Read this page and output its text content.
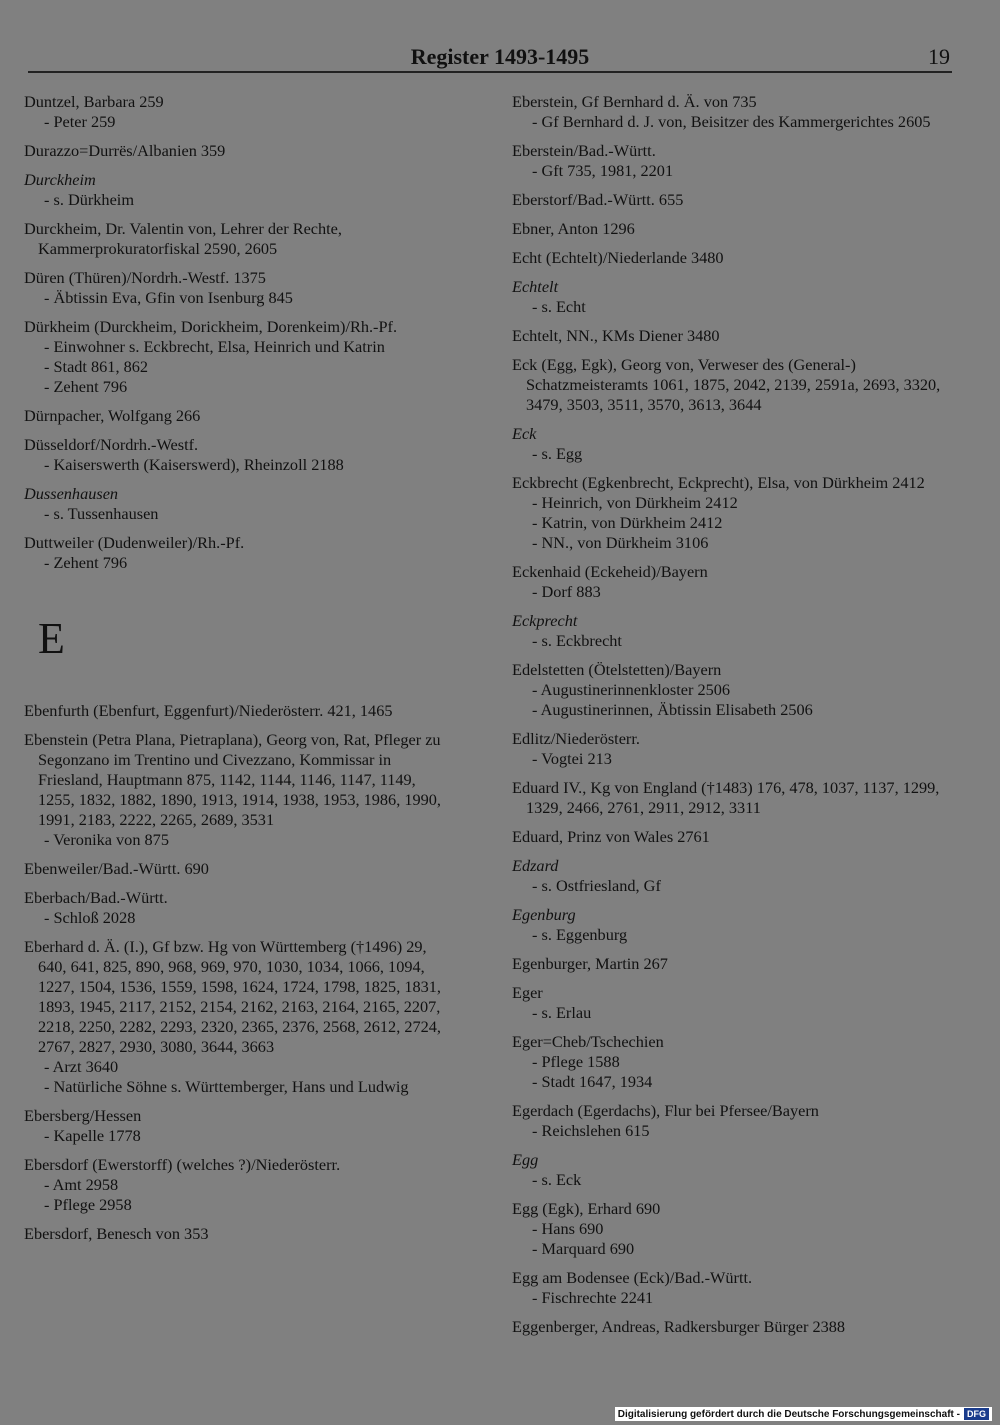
Register 1493-1495	19
Duntzel, Barbara 259
- Peter 259
Durazzo=Durrës/Albanien 359
Durckheim
- s. Dürkheim
Durckheim, Dr. Valentin von, Lehrer der Rechte, Kammerprokuratorfiskal 2590, 2605
Düren (Thüren)/Nordrh.-Westf. 1375
- Äbtissin Eva, Gfin von Isenburg 845
Dürkheim (Durckheim, Dorickheim, Dorenkeim)/Rh.-Pf.
- Einwohner s. Eckbrecht, Elsa, Heinrich und Katrin
- Stadt 861, 862
- Zehent 796
Dürnpacher, Wolfgang 266
Düsseldorf/Nordrh.-Westf.
- Kaiserswerth (Kaiserswerd), Rheinzoll 2188
Dussenhausen
- s. Tussenhausen
Duttweiler (Dudenweiler)/Rh.-Pf.
- Zehent 796
E
Ebenfurth (Ebenfurt, Eggenfurt)/Niederösterr. 421, 1465
Ebenstein (Petra Plana, Pietraplana), Georg von, Rat, Pfleger zu Segonzano im Trentino und Civezzano, Kommissar in Friesland, Hauptmann 875, 1142, 1144, 1146, 1147, 1149, 1255, 1832, 1882, 1890, 1913, 1914, 1938, 1953, 1986, 1990, 1991, 2183, 2222, 2265, 2689, 3531
- Veronika von 875
Ebenweiler/Bad.-Württ. 690
Eberbach/Bad.-Württ.
- Schloß 2028
Eberhard d. Ä. (I.), Gf bzw. Hg von Württemberg (†1496) 29, 640, 641, 825, 890, 968, 969, 970, 1030, 1034, 1066, 1094, 1227, 1504, 1536, 1559, 1598, 1624, 1724, 1798, 1825, 1831, 1893, 1945, 2117, 2152, 2154, 2162, 2163, 2164, 2165, 2207, 2218, 2250, 2282, 2293, 2320, 2365, 2376, 2568, 2612, 2724, 2767, 2827, 2930, 3080, 3644, 3663
- Arzt 3640
- Natürliche Söhne s. Württemberger, Hans und Ludwig
Ebersberg/Hessen
- Kapelle 1778
Ebersdorf (Ewerstorff) (welches ?)/Niederösterr.
- Amt 2958
- Pflege 2958
Ebersdorf, Benesch von 353
Eberstein, Gf Bernhard d. Ä. von 735
- Gf Bernhard d. J. von, Beisitzer des Kammergerichtes 2605
Eberstein/Bad.-Württ.
- Gft 735, 1981, 2201
Eberstorf/Bad.-Württ. 655
Ebner, Anton 1296
Echt (Echtelt)/Niederlande 3480
Echtelt
- s. Echt
Echtelt, NN., KMs Diener 3480
Eck (Egg, Egk), Georg von, Verweser des (General-) Schatzmeisteramts 1061, 1875, 2042, 2139, 2591a, 2693, 3320, 3479, 3503, 3511, 3570, 3613, 3644
Eck
- s. Egg
Eckbrecht (Egkenbrecht, Eckprecht), Elsa, von Dürkheim 2412
- Heinrich, von Dürkheim 2412
- Katrin, von Dürkheim 2412
- NN., von Dürkheim 3106
Eckenhaid (Eckeheid)/Bayern
- Dorf 883
Eckprecht
- s. Eckbrecht
Edelstetten (Ötelstetten)/Bayern
- Augustinerinnenkloster 2506
- Augustinerinnen, Äbtissin Elisabeth 2506
Edlitz/Niederösterr.
- Vogtei 213
Eduard IV., Kg von England (†1483) 176, 478, 1037, 1137, 1299, 1329, 2466, 2761, 2911, 2912, 3311
Eduard, Prinz von Wales 2761
Edzard
- s. Ostfriesland, Gf
Egenburg
- s. Eggenburg
Egenburger, Martin 267
Eger
- s. Erlau
Eger=Cheb/Tschechien
- Pflege 1588
- Stadt 1647, 1934
Egerdach (Egerdachs), Flur bei Pfersee/Bayern
- Reichslehen 615
Egg
- s. Eck
Egg (Egk), Erhard 690
- Hans 690
- Marquard 690
Egg am Bodensee (Eck)/Bad.-Württ.
- Fischrechte 2241
Eggenberger, Andreas, Radkersburger Bürger 2388
Digitalisierung gefördert durch die Deutsche Forschungsgemeinschaft - DFG
